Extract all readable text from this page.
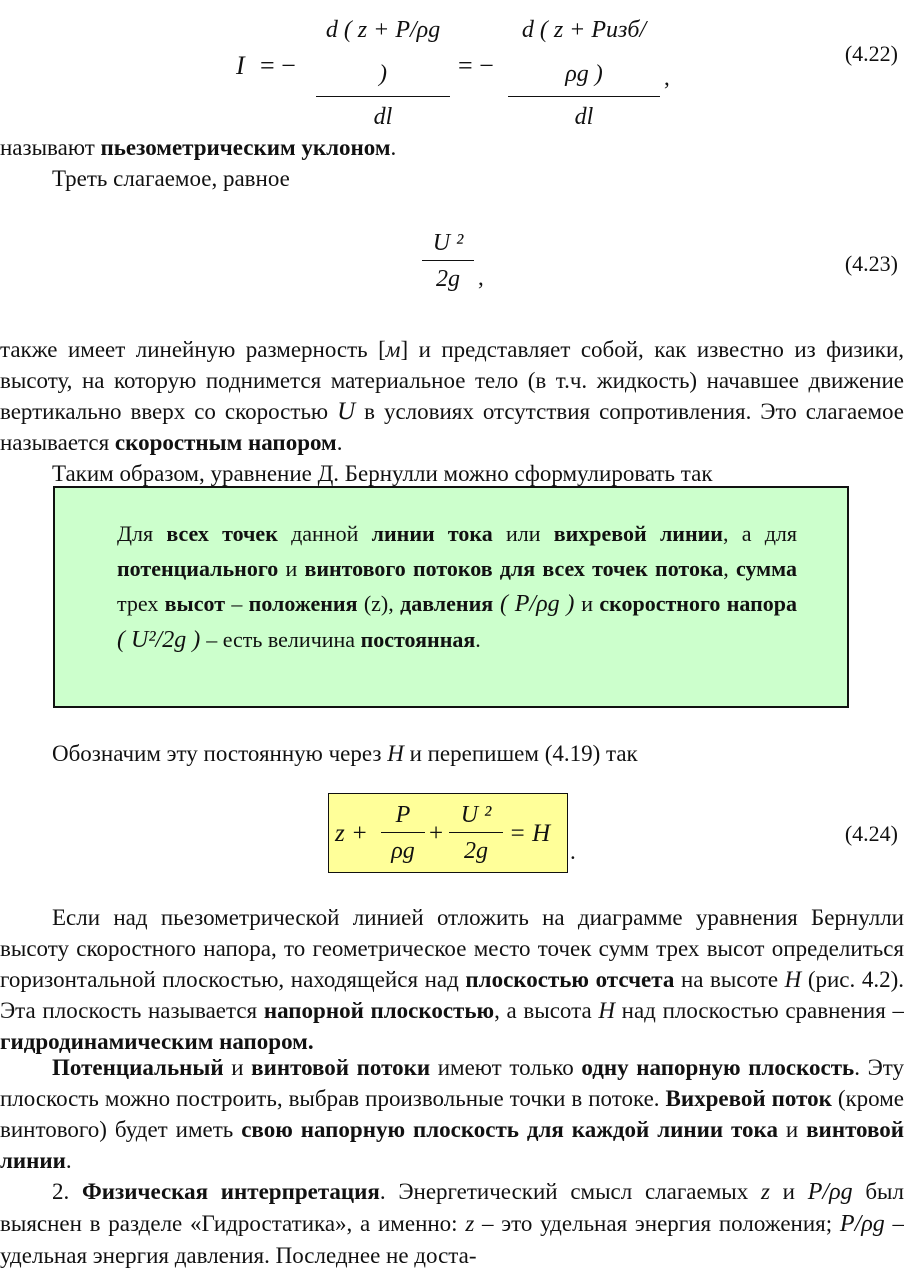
I = − $\frac{d ( z + P/\rho g )}{dl}$ = −
d ( z + Pизб/ρg )
dl
,
(4.22)
называют пьезометрическим уклоном.
Треть слагаемое, равное
$\frac{\text{U ²}}{2g}$ ,
(4.23)
также имеет линейную размерность [м] и представляет собой, как известно из физики, высоту, на которую поднимется материальное тело (в т.ч. жидкость) начавшее движение вертикально вверх со скоростью U в условиях отсутствия сопротивления. Это слагаемое называется скоростным напором.
Таким образом, уравнение Д. Бернулли можно сформулировать так
Для всех точек данной линии тока или вихревой линии, а для потенциального и винтового потоков для всех точек потока, сумма трех высот – положения (z), давления ( P/ρg ) и скоростного напора ( U²/2g ) – есть величина постоянная.
Обозначим эту постоянную через H и перепишем (4.19) так
$z + \frac{P}{\rho g} + \frac{\text{U ²}}{2g} = H$
.
(4.24)
Если над пьезометрической линией отложить на диаграмме уравнения Бернулли высоту скоростного напора, то геометрическое место точек сумм трех высот определиться горизонтальной плоскостью, находящейся над плоскостью отсчета на высоте H (рис. 4.2). Эта плоскость называется напорной плоскостью, а высота H над плоскостью сравнения – гидродинамическим напором.
Потенциальный и винтовой потоки имеют только одну напорную плоскость. Эту плоскость можно построить, выбрав произвольные точки в потоке. Вихревой поток (кроме винтового) будет иметь свою напорную плоскость для каждой линии тока и винтовой линии.
2. Физическая интерпретация. Энергетический смысл слагаемых z и P/ρg был выяснен в разделе «Гидростатика», а именно: z – это удельная энергия положения; P/ρg – удельная энергия давления. Последнее не доста-
